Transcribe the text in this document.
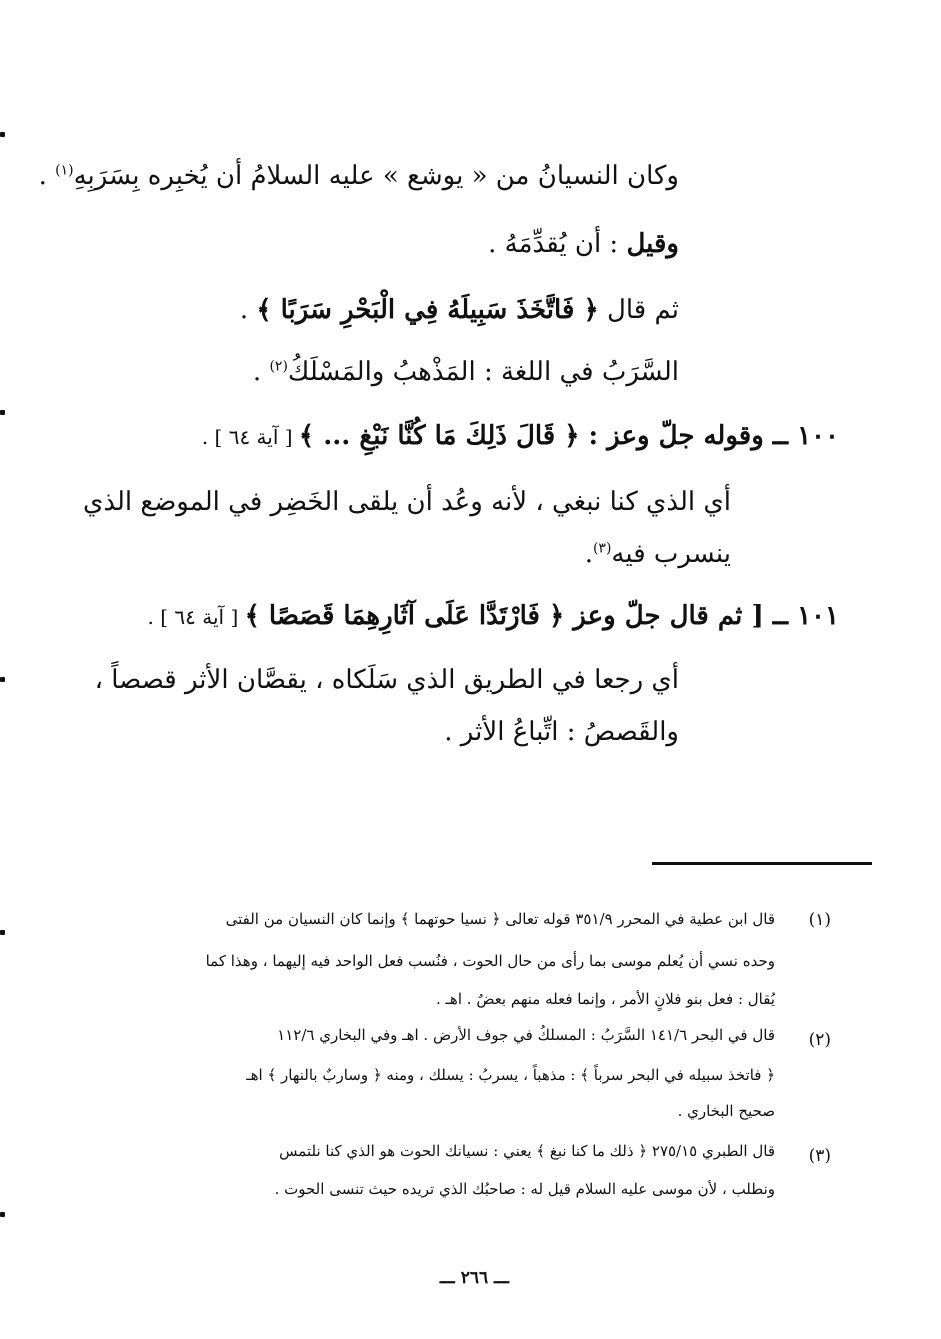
وكان النسيانُ من « يوشع » عليه السلامُ أن يُخبِره بِسَرَبِهِ$^{(١)}$ .
وقيل : أن يُقدِّمَهُ .
ثم قال ﴿ فَاتَّخَذَ سَبِيلَهُ فِي الْبَحْرِ سَرَبًا ﴾ .
السَّرَبُ في اللغة : المَذْهبُ والمَسْلَكُ$^{(٢)}$ .
١٠٠ ــ وقوله جلّ وعز : ﴿ قَالَ ذَلِكَ مَا كُنَّا نَبْغِ ... ﴾ [ آية ٦٤ ] .
أي الذي كنا نبغي ، لأنه وعُد أن يلقى الخَضِر في الموضع الذي
ينسرب فيه$^{(٣)}$.
١٠١ ــ [ ثم قال جلّ وعز ﴿ فَارْتَدَّا عَلَى آثَارِهِمَا قَصَصًا ﴾ [ آية ٦٤ ] .
أي رجعا في الطريق الذي سَلَكاه ، يقصَّان الأثر قصصاً ،
والقَصصُ : اتِّباعُ الأثر .
(١)
قال ابن عطية في المحرر ٣٥١/٩ قوله تعالى ﴿ نسيا حوتهما ﴾ وإنما كان النسيان من الفتى
وحده نسي أن يُعلم موسى بما رأى من حال الحوت ، فنُسب فعل الواحد فيه إليهما ، وهذا كما
يُقال : فعل بنو فلانٍ الأمر ، وإنما فعله منهم بعضٌ . اهـ .
(٢)
قال في البحر ١٤١/٦ السَّرَبُ : المسلكُ في جوف الأرض . اهـ وفي البخاري ١١٢/٦
﴿ فاتخذ سبيله في البحر سرباً ﴾ : مذهباً ، يسربُ : يسلك ، ومنه ﴿ وساربٌ بالنهار ﴾ اهـ
صحيح البخاري .
(٣)
قال الطبري ٢٧٥/١٥ ﴿ ذلك ما كنا نبغ ﴾ يعني : نسيانك الحوت هو الذي كنا نلتمس
ونطلب ، لأن موسى عليه السلام قيل له : صاحبُك الذي تريده حيث تنسى الحوت .
ـــ ٢٦٦ ـــ
